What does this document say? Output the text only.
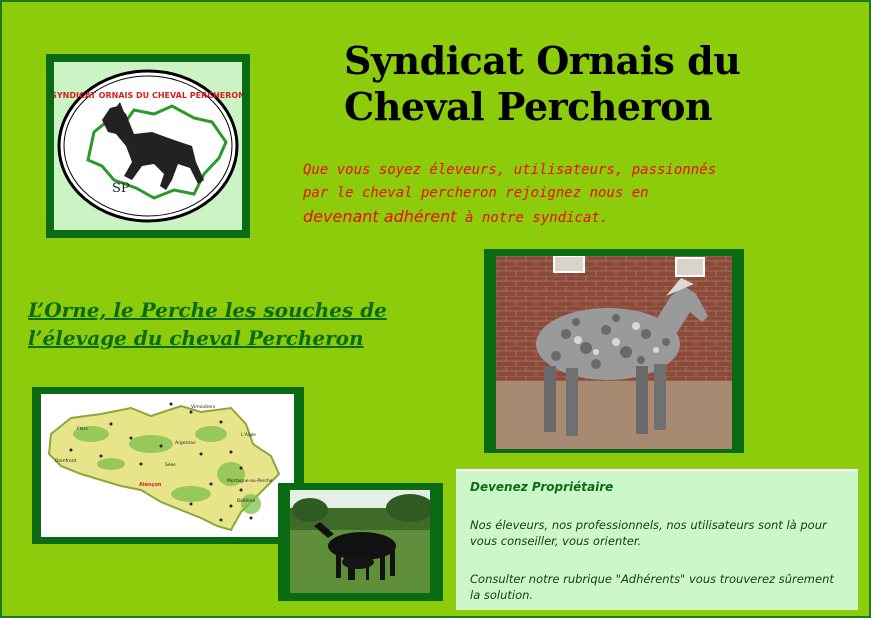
SYNDICAT ORNAIS DU CHEVAL PERCHERON
SP
Syndicat Ornais du
Cheval Percheron
Que vous soyez éleveurs, utilisateurs, passionnés par le cheval percheron rejoignez nous en devenant adhérent à notre syndicat.
L’Orne, le Perche les souches de
l’élevage du cheval Percheron
Alençon
Mortagne-au-Perche
Bellême
Argentan
Sées
Vimoutiers
Domfront
Flers
L'Aigle
Devenez Propriétaire
Nos éleveurs, nos professionnels, nos utilisateurs sont là pour vous conseiller, vous orienter.
Consulter notre rubrique "Adhérents" vous trouverez sûrement la solution.
